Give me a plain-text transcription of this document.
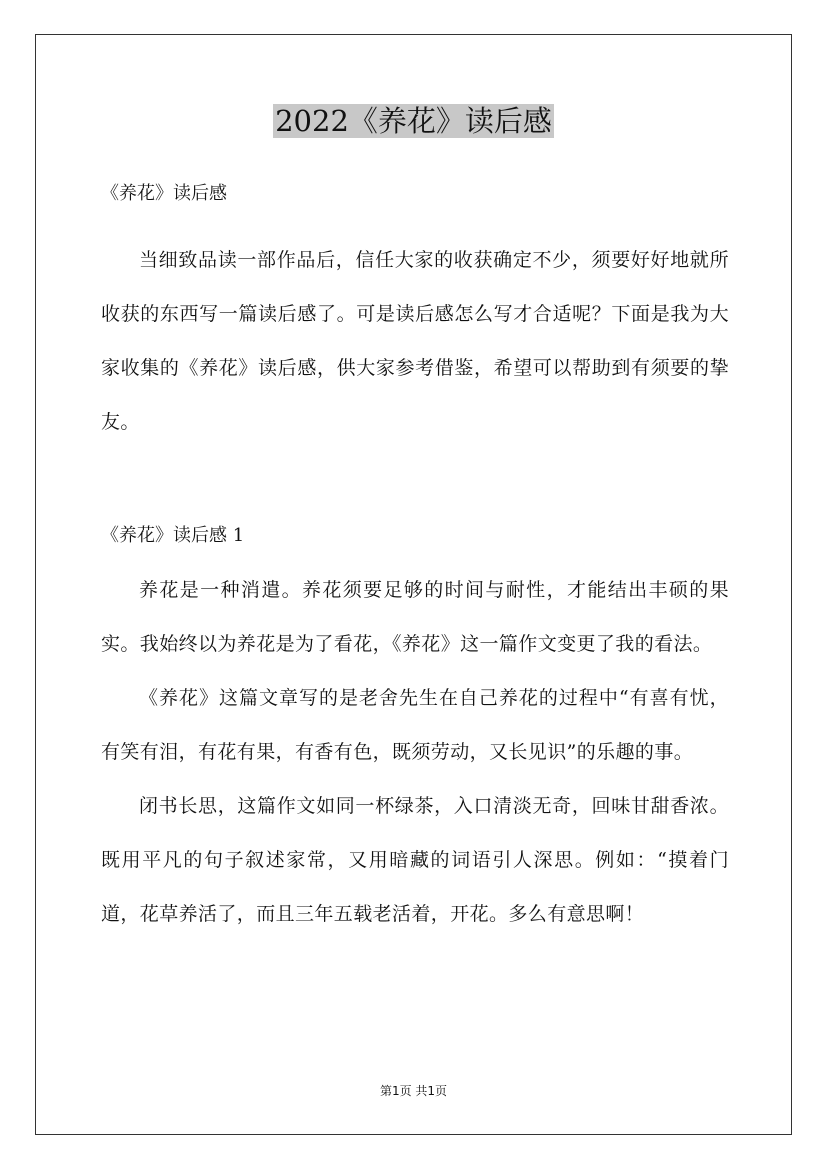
2022《养花》读后感

《养花》读后感

当细致品读一部作品后，信任大家的收获确定不少，须要好好地就所收获的东西写一篇读后感了。可是读后感怎么写才合适呢？下面是我为大家收集的《养花》读后感，供大家参考借鉴，希望可以帮助到有须要的挚友。

《养花》读后感 1

养花是一种消遣。养花须要足够的时间与耐性，才能结出丰硕的果实。我始终以为养花是为了看花，《养花》这一篇作文变更了我的看法。

《养花》这篇文章写的是老舍先生在自己养花的过程中“有喜有忧，有笑有泪，有花有果，有香有色，既须劳动，又长见识”的乐趣的事。

闭书长思，这篇作文如同一杯绿茶，入口清淡无奇，回味甘甜香浓。既用平凡的句子叙述家常，又用暗藏的词语引人深思。例如：“摸着门道，花草养活了，而且三年五载老活着，开花。多么有意思啊！

第1页 共1页
